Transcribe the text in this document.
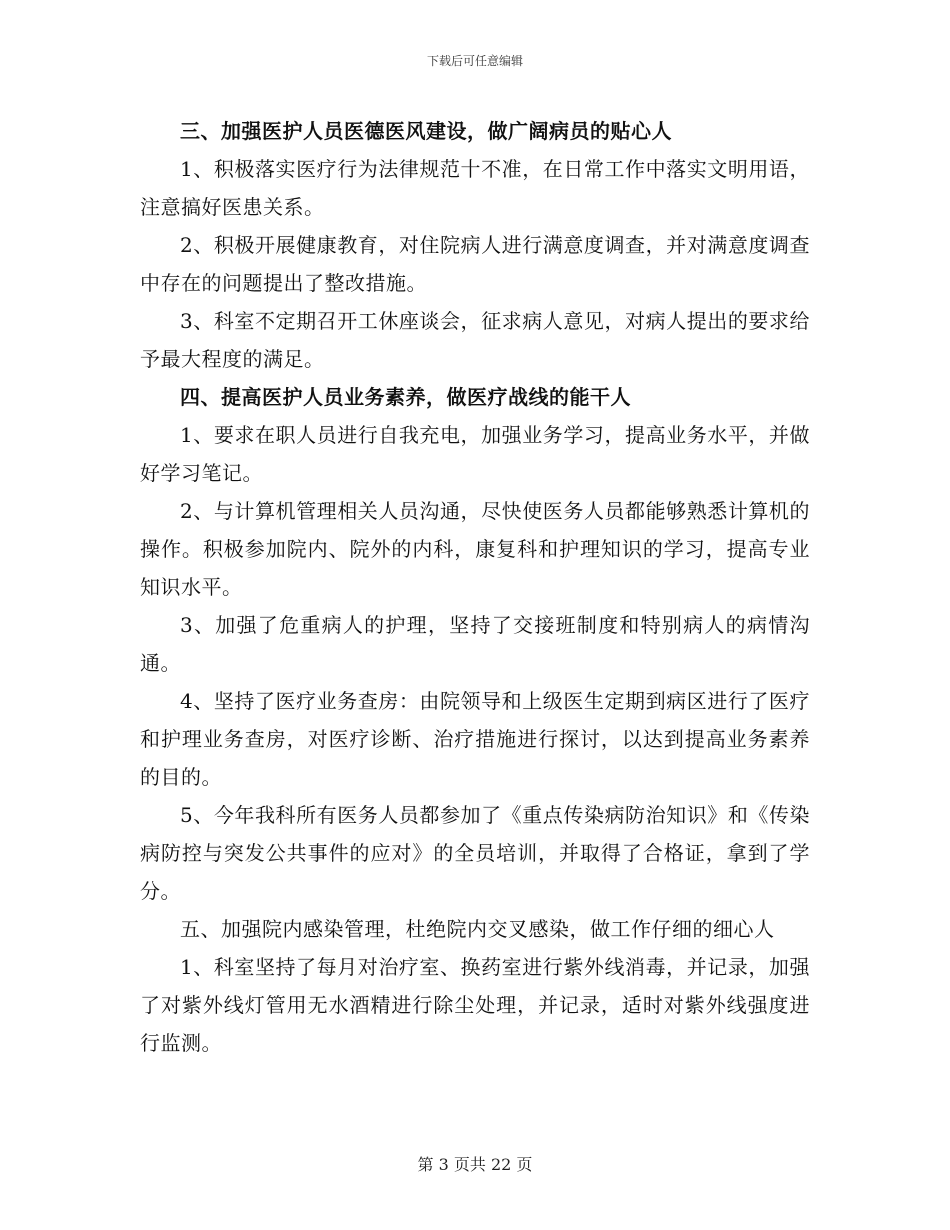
下载后可任意编辑

三、加强医护人员医德医风建设，做广阔病员的贴心人

1、积极落实医疗行为法律规范十不准，在日常工作中落实文明用语，注意搞好医患关系。

2、积极开展健康教育，对住院病人进行满意度调查，并对满意度调查中存在的问题提出了整改措施。

3、科室不定期召开工休座谈会，征求病人意见，对病人提出的要求给予最大程度的满足。

四、提高医护人员业务素养，做医疗战线的能干人

1、要求在职人员进行自我充电，加强业务学习，提高业务水平，并做好学习笔记。

2、与计算机管理相关人员沟通，尽快使医务人员都能够熟悉计算机的操作。积极参加院内、院外的内科，康复科和护理知识的学习，提高专业知识水平。

3、加强了危重病人的护理，坚持了交接班制度和特别病人的病情沟通。

4、坚持了医疗业务查房：由院领导和上级医生定期到病区进行了医疗和护理业务查房，对医疗诊断、治疗措施进行探讨，以达到提高业务素养的目的。

5、今年我科所有医务人员都参加了《重点传染病防治知识》和《传染病防控与突发公共事件的应对》的全员培训，并取得了合格证，拿到了学分。

五、加强院内感染管理，杜绝院内交叉感染，做工作仔细的细心人

1、科室坚持了每月对治疗室、换药室进行紫外线消毒，并记录，加强了对紫外线灯管用无水酒精进行除尘处理，并记录，适时对紫外线强度进行监测。

第 3 页共 22 页
